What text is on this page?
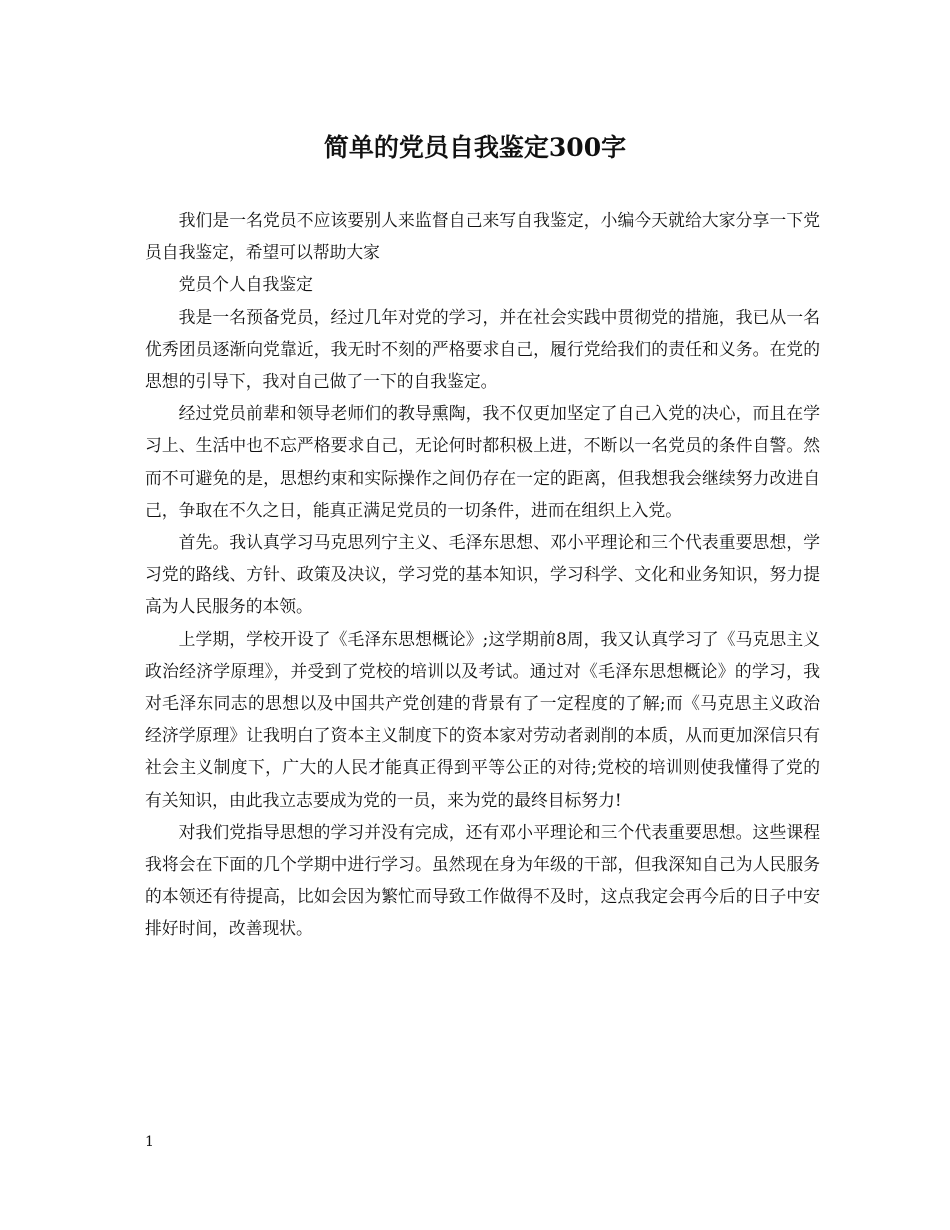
简单的党员自我鉴定300字

我们是一名党员不应该要别人来监督自己来写自我鉴定，小编今天就给大家分享一下党员自我鉴定，希望可以帮助大家

党员个人自我鉴定

我是一名预备党员，经过几年对党的学习，并在社会实践中贯彻党的措施，我已从一名优秀团员逐渐向党靠近，我无时不刻的严格要求自己，履行党给我们的责任和义务。在党的思想的引导下，我对自己做了一下的自我鉴定。

经过党员前辈和领导老师们的教导熏陶，我不仅更加坚定了自己入党的决心，而且在学习上、生活中也不忘严格要求自己，无论何时都积极上进，不断以一名党员的条件自警。然而不可避免的是，思想约束和实际操作之间仍存在一定的距离，但我想我会继续努力改进自己，争取在不久之日，能真正满足党员的一切条件，进而在组织上入党。

首先。我认真学习马克思列宁主义、毛泽东思想、邓小平理论和三个代表重要思想，学习党的路线、方针、政策及决议，学习党的基本知识，学习科学、文化和业务知识，努力提高为人民服务的本领。

上学期，学校开设了《毛泽东思想概论》;这学期前8周，我又认真学习了《马克思主义政治经济学原理》，并受到了党校的培训以及考试。通过对《毛泽东思想概论》的学习，我对毛泽东同志的思想以及中国共产党创建的背景有了一定程度的了解;而《马克思主义政治经济学原理》让我明白了资本主义制度下的资本家对劳动者剥削的本质，从而更加深信只有社会主义制度下，广大的人民才能真正得到平等公正的对待;党校的培训则使我懂得了党的有关知识，由此我立志要成为党的一员，来为党的最终目标努力!

对我们党指导思想的学习并没有完成，还有邓小平理论和三个代表重要思想。这些课程我将会在下面的几个学期中进行学习。虽然现在身为年级的干部，但我深知自己为人民服务的本领还有待提高，比如会因为繁忙而导致工作做得不及时，这点我定会再今后的日子中安排好时间，改善现状。

1
